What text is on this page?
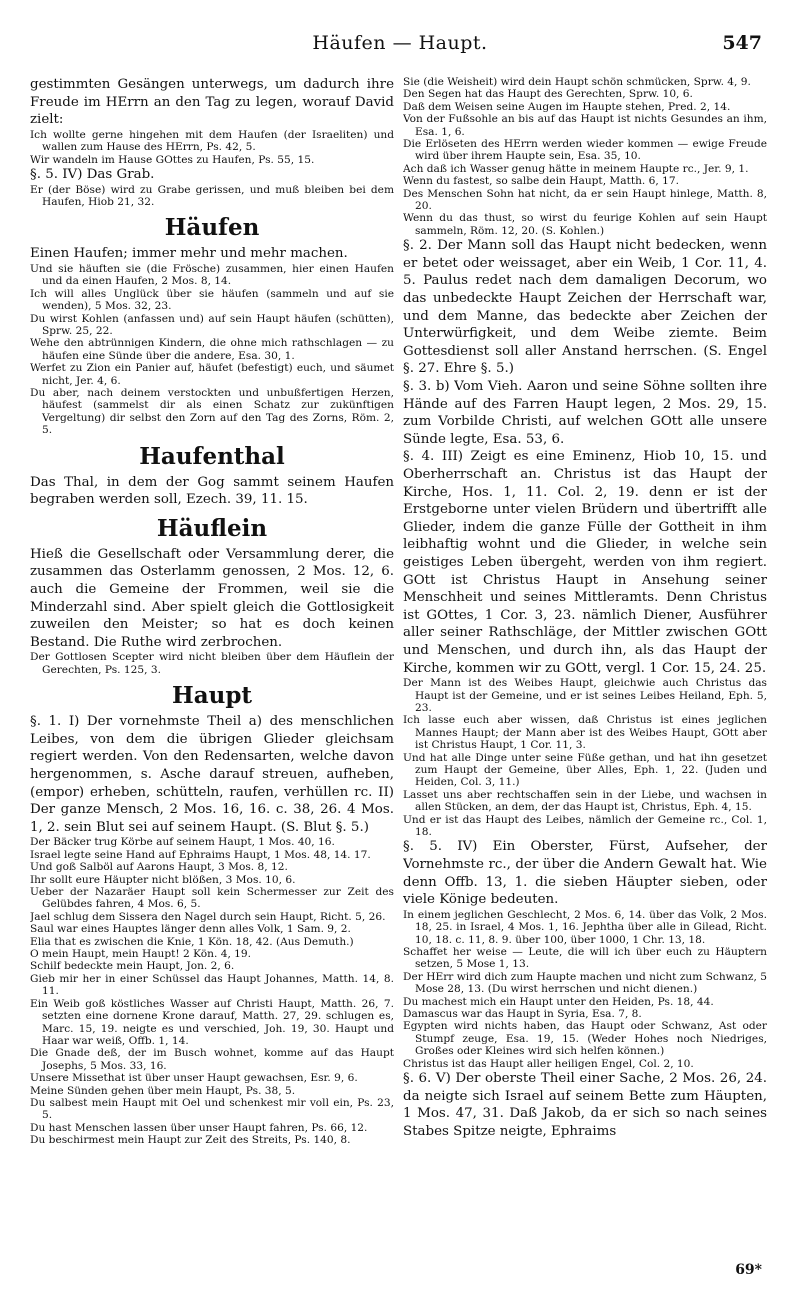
Häufen — Haupt.	547

gestimmten Gesängen unterwegs, um dadurch ihre Freude im HErrn an den Tag zu legen, worauf David zielt:

Ich wollte gerne hingehen mit dem Haufen (der Israeliten) und wallen zum Hause des HErrn, Ps. 42, 5.

Wir wandeln im Hause GOttes zu Haufen, Ps. 55, 15.

§. 5. IV) Das Grab.

Er (der Böse) wird zu Grabe gerissen, und muß bleiben bei dem Haufen, Hiob 21, 32.

Häufen

Einen Haufen; immer mehr und mehr machen.

Und sie häuften sie (die Frösche) zusammen, hier einen Haufen und da einen Haufen, 2 Mos. 8, 14.

Ich will alles Unglück über sie häufen (sammeln und auf sie wenden), 5 Mos. 32, 23.

Du wirst Kohlen (anfassen und) auf sein Haupt häufen (schütten), Sprw. 25, 22.

Wehe den abtrünnigen Kindern, die ohne mich rathschlagen — zu häufen eine Sünde über die andere, Esa. 30, 1.

Werfet zu Zion ein Panier auf, häufet (befestigt) euch, und säumet nicht, Jer. 4, 6.

Du aber, nach deinem verstockten und unbußfertigen Herzen, häufest (sammelst dir als einen Schatz zur zukünftigen Vergeltung) dir selbst den Zorn auf den Tag des Zorns, Röm. 2, 5.

Haufenthal

Das Thal, in dem der Gog sammt seinem Haufen begraben werden soll, Ezech. 39, 11. 15.

Häuflein

Hieß die Gesellschaft oder Versammlung derer, die zusammen das Osterlamm genossen, 2 Mos. 12, 6. auch die Gemeine der Frommen, weil sie die Minderzahl sind. Aber spielt gleich die Gottlosigkeit zuweilen den Meister; so hat es doch keinen Bestand. Die Ruthe wird zerbrochen.

Der Gottlosen Scepter wird nicht bleiben über dem Häuflein der Gerechten, Ps. 125, 3.

Haupt

§. 1. I) Der vornehmste Theil a) des menschlichen Leibes, von dem die übrigen Glieder gleichsam regiert werden. Von den Redensarten, welche davon hergenommen, s. Asche darauf streuen, aufheben, (empor) erheben, schütteln, raufen, verhüllen rc. II) Der ganze Mensch, 2 Mos. 16, 16. c. 38, 26. 4 Mos. 1, 2. sein Blut sei auf seinem Haupt. (S. Blut §. 5.)

Der Bäcker trug Körbe auf seinem Haupt, 1 Mos. 40, 16.

Israel legte seine Hand auf Ephraims Haupt, 1 Mos. 48, 14. 17.

Und goß Salböl auf Aarons Haupt, 3 Mos. 8, 12.

Ihr sollt eure Häupter nicht blößen, 3 Mos. 10, 6.

Ueber der Nazaräer Haupt soll kein Schermesser zur Zeit des Gelübdes fahren, 4 Mos. 6, 5.

Jael schlug dem Sissera den Nagel durch sein Haupt, Richt. 5, 26.

Saul war eines Hauptes länger denn alles Volk, 1 Sam. 9, 2.

Elia that es zwischen die Knie, 1 Kön. 18, 42. (Aus Demuth.)

O mein Haupt, mein Haupt! 2 Kön. 4, 19.

Schilf bedeckte mein Haupt, Jon. 2, 6.

Gieb mir her in einer Schüssel das Haupt Johannes, Matth. 14, 8. 11.

Ein Weib goß köstliches Wasser auf Christi Haupt, Matth. 26, 7. setzten eine dornene Krone darauf, Matth. 27, 29. schlugen es, Marc. 15, 19. neigte es und verschied, Joh. 19, 30. Haupt und Haar war weiß, Offb. 1, 14.

Die Gnade deß, der im Busch wohnet, komme auf das Haupt Josephs, 5 Mos. 33, 16.

Unsere Missethat ist über unser Haupt gewachsen, Esr. 9, 6.

Meine Sünden gehen über mein Haupt, Ps. 38, 5.

Du salbest mein Haupt mit Oel und schenkest mir voll ein, Ps. 23, 5.

Du hast Menschen lassen über unser Haupt fahren, Ps. 66, 12.

Du beschirmest mein Haupt zur Zeit des Streits, Ps. 140, 8.

Sie (die Weisheit) wird dein Haupt schön schmücken, Sprw. 4, 9.

Den Segen hat das Haupt des Gerechten, Sprw. 10, 6.

Daß dem Weisen seine Augen im Haupte stehen, Pred. 2, 14.

Von der Fußsohle an bis auf das Haupt ist nichts Gesundes an ihm, Esa. 1, 6.

Die Erlöseten des HErrn werden wieder kommen — ewige Freude wird über ihrem Haupte sein, Esa. 35, 10.

Ach daß ich Wasser genug hätte in meinem Haupte rc., Jer. 9, 1.

Wenn du fastest, so salbe dein Haupt, Matth. 6, 17.

Des Menschen Sohn hat nicht, da er sein Haupt hinlege, Matth. 8, 20.

Wenn du das thust, so wirst du feurige Kohlen auf sein Haupt sammeln, Röm. 12, 20. (S. Kohlen.)

§. 2. Der Mann soll das Haupt nicht bedecken, wenn er betet oder weissaget, aber ein Weib, 1 Cor. 11, 4. 5. Paulus redet nach dem damaligen Decorum, wo das unbedeckte Haupt Zeichen der Herrschaft war, und dem Manne, das bedeckte aber Zeichen der Unterwürfigkeit, und dem Weibe ziemte. Beim Gottesdienst soll aller Anstand herrschen. (S. Engel §. 27. Ehre §. 5.)

§. 3. b) Vom Vieh. Aaron und seine Söhne sollten ihre Hände auf des Farren Haupt legen, 2 Mos. 29, 15. zum Vorbilde Christi, auf welchen GOtt alle unsere Sünde legte, Esa. 53, 6.

§. 4. III) Zeigt es eine Eminenz, Hiob 10, 15. und Oberherrschaft an. Christus ist das Haupt der Kirche, Hos. 1, 11. Col. 2, 19. denn er ist der Erstgeborne unter vielen Brüdern und übertrifft alle Glieder, indem die ganze Fülle der Gottheit in ihm leibhaftig wohnt und die Glieder, in welche sein geistiges Leben übergeht, werden von ihm regiert. GOtt ist Christus Haupt in Ansehung seiner Menschheit und seines Mittleramts. Denn Christus ist GOttes, 1 Cor. 3, 23. nämlich Diener, Ausführer aller seiner Rathschläge, der Mittler zwischen GOtt und Menschen, und durch ihn, als das Haupt der Kirche, kommen wir zu GOtt, vergl. 1 Cor. 15, 24. 25.

Der Mann ist des Weibes Haupt, gleichwie auch Christus das Haupt ist der Gemeine, und er ist seines Leibes Heiland, Eph. 5, 23.

Ich lasse euch aber wissen, daß Christus ist eines jeglichen Mannes Haupt; der Mann aber ist des Weibes Haupt, GOtt aber ist Christus Haupt, 1 Cor. 11, 3.

Und hat alle Dinge unter seine Füße gethan, und hat ihn gesetzet zum Haupt der Gemeine, über Alles, Eph. 1, 22. (Juden und Heiden, Col. 3, 11.)

Lasset uns aber rechtschaffen sein in der Liebe, und wachsen in allen Stücken, an dem, der das Haupt ist, Christus, Eph. 4, 15.

Und er ist das Haupt des Leibes, nämlich der Gemeine rc., Col. 1, 18.

§. 5. IV) Ein Oberster, Fürst, Aufseher, der Vornehmste rc., der über die Andern Gewalt hat. Wie denn Offb. 13, 1. die sieben Häupter sieben, oder viele Könige bedeuten.

In einem jeglichen Geschlecht, 2 Mos. 6, 14. über das Volk, 2 Mos. 18, 25. in Israel, 4 Mos. 1, 16. Jephtha über alle in Gilead, Richt. 10, 18. c. 11, 8. 9. über 100, über 1000, 1 Chr. 13, 18.

Schaffet her weise — Leute, die will ich über euch zu Häuptern setzen, 5 Mose 1, 13.

Der HErr wird dich zum Haupte machen und nicht zum Schwanz, 5 Mose 28, 13. (Du wirst herrschen und nicht dienen.)

Du machest mich ein Haupt unter den Heiden, Ps. 18, 44.

Damascus war das Haupt in Syria, Esa. 7, 8.

Egypten wird nichts haben, das Haupt oder Schwanz, Ast oder Stumpf zeuge, Esa. 19, 15. (Weder Hohes noch Niedriges, Großes oder Kleines wird sich helfen können.)

Christus ist das Haupt aller heiligen Engel, Col. 2, 10.

§. 6. V) Der oberste Theil einer Sache, 2 Mos. 26, 24. da neigte sich Israel auf seinem Bette zum Häupten, 1 Mos. 47, 31. Daß Jakob, da er sich so nach seines Stabes Spitze neigte, Ephraims

69*
